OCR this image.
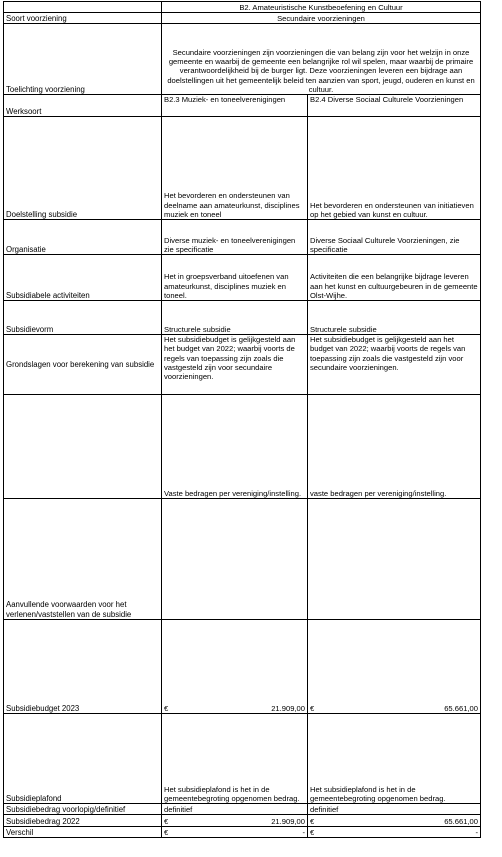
	B2. Amateuristische Kunstbeoefening en Cultuur	
Soort voorziening	Secundaire voorzieningen	
Toelichting voorziening	Secundaire voorzieningen zijn voorzieningen die van belang zijn voor het welzijn in onze gemeente en waarbij de gemeente een belangrijke rol wil spelen, maar waarbij de primaire verantwoordelijkheid bij de burger ligt. Deze voorzieningen leveren een bijdrage aan doelstellingen uit het gemeentelijk beleid ten aanzien van sport, jeugd, ouderen en kunst en cultuur.	
Werksoort	B2.3 Muziek- en toneelverenigingen	B2.4 Diverse Sociaal Culturele Voorzieningen
Doelstelling subsidie	Het bevorderen en ondersteunen van deelname aan amateurkunst, disciplines muziek en toneel	Het bevorderen en ondersteunen van initiatieven op het gebied van kunst en cultuur.
Organisatie	Diverse muziek- en toneelverenigingen zie specificatie	Diverse Sociaal Culturele Voorzieningen, zie specificatie
Subsidiabele activiteiten	Het in groepsverband uitoefenen van amateurkunst, disciplines muziek en toneel.	Activiteiten die een belangrijke bijdrage leveren aan het kunst en cultuurgebeuren in de gemeente Olst-Wijhe.
Subsidievorm	Structurele subsidie	Structurele subsidie
Grondslagen voor berekening van subsidie	Het subsidiebudget is gelijkgesteld aan het budget van 2022; waarbij voorts de regels van toepassing zijn zoals die vastgesteld zijn voor secundaire voorzieningen.	Het subsidiebudget is gelijkgesteld aan het budget van 2022; waarbij voorts de regels van toepassing zijn zoals die vastgesteld zijn voor secundaire voorzieningen.
	Vaste bedragen per vereniging/instelling.	vaste bedragen per vereniging/instelling.
Aanvullende voorwaarden voor het verlenen/vaststellen van de subsidie		
Subsidiebudget 2023	€ 21.909,00	€ 65.661,00

Subsidieplafond	Het subsidieplafond is het in de gemeentebegroting opgenomen bedrag.	Het subsidieplafond is het in de gemeentebegroting opgenomen bedrag.
Subsidiebedrag voorlopig/definitief	definitief	definitief
Subsidiebedrag 2022	€ 21.909,00	€ 65.661,00

Verschil	€ -	€ -
